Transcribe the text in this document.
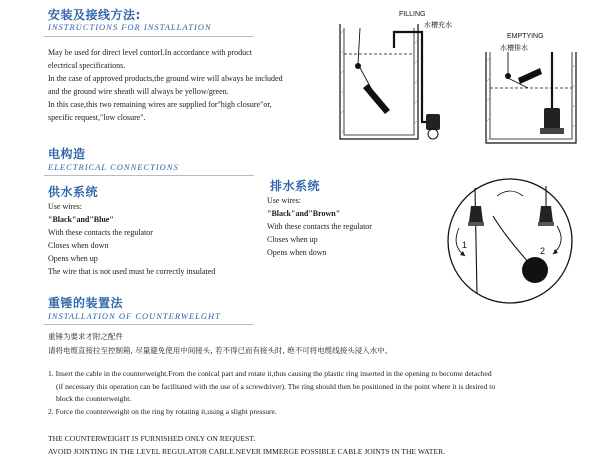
安装及接线方法:
INSTRUCTIONS FOR INSTALLATION
May be used for direct level contorl.In accordance with product
electrical specifications.
In the case of approved products,the ground wire will always be included
and the ground wire sheath will always be yellow/green.
In this case,this two remaining wires are supplied for"high closure"or,
specific request,"low closure".
FILLING
水槽充水
EMPTYING
水槽排水
电构造
ELECTRICAL CONNECTIONS
供水系统
Use wires:
"Black"and"Blue"
With these contacts the regulator
Closes when down
Opens when up
The wire that is not used must be correctly insulated
排水系统
Use wires:
"Black"and"Brown"
With these contacts the regulator
Closes when up
Opens when down
1
2
重锤的装置法
INSTALLATION OF COUNTERWELGHT
重锤为要求才附之配件
请将电缆直接拉至控制箱, 尽量避免使用中间接头, 若不得已而有接头时, 绝不可将电缆线接头浸入水中。
1. Insert the cable in the counterweight.From the conical part and rotate it,thus causing the plastic ring inserted in the opening to become detached
(if necessary this operation can be facilitated with the use of a screwdriver). The ring should then be positioned in the point where it is desired to
block the counterweight.
2. Force the counterweight on the ring by rotating it,using a slight pressure.
THE COUNTERWEIGHT IS FURNISHED ONLY ON REQUEST.
AVOID JOINTING IN THE LEVEL REGULATOR CABLE.NEVER IMMERGE POSSIBLE CABLE JOINTS IN THE WATER.
